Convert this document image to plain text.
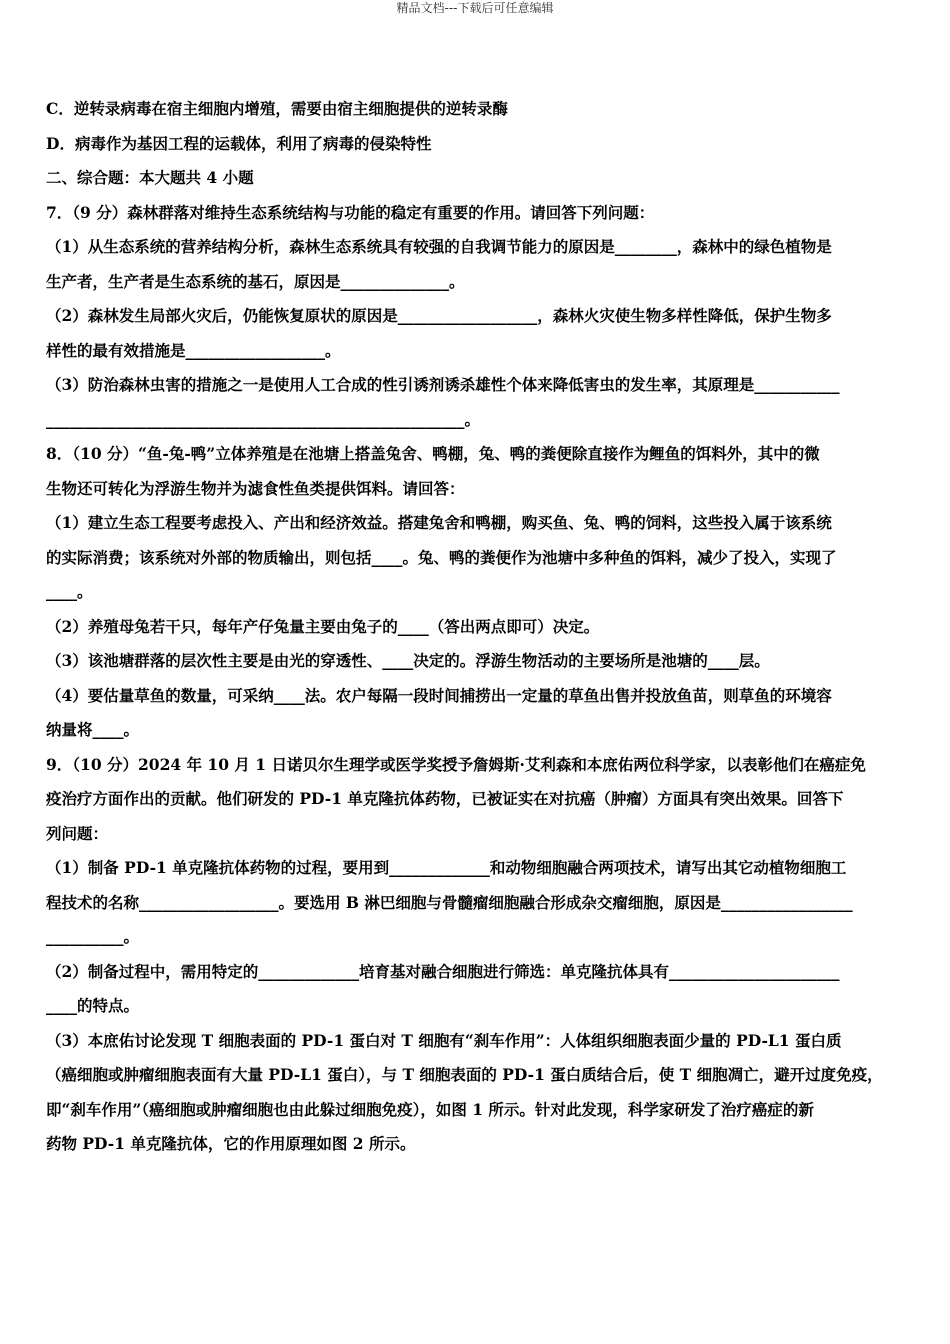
精品文档---下载后可任意编辑
C．逆转录病毒在宿主细胞内增殖，需要由宿主细胞提供的逆转录酶
D．病毒作为基因工程的运载体，利用了病毒的侵染特性
二、综合题：本大题共 4 小题
7．（9 分）森林群落对维持生态系统结构与功能的稳定有重要的作用。请回答下列问题：
（1）从生态系统的营养结构分析，森林生态系统具有较强的自我调节能力的原因是________，森林中的绿色植物是
生产者，生产者是生态系统的基石，原因是______________。
（2）森林发生局部火灾后，仍能恢复原状的原因是__________________，森林火灾使生物多样性降低，保护生物多
样性的最有效措施是__________________。
（3）防治森林虫害的措施之一是使用人工合成的性引诱剂诱杀雄性个体来降低害虫的发生率，其原理是___________
______________________________________________________。
8．（10 分）“鱼-兔-鸭”立体养殖是在池塘上搭盖兔舍、鸭棚，兔、鸭的粪便除直接作为鲤鱼的饵料外，其中的微
生物还可转化为浮游生物并为滤食性鱼类提供饵料。请回答：
（1）建立生态工程要考虑投入、产出和经济效益。搭建兔舍和鸭棚，购买鱼、兔、鸭的饲料，这些投入属于该系统
的实际消费；该系统对外部的物质输出，则包括____。兔、鸭的粪便作为池塘中多种鱼的饵料，减少了投入，实现了
____。
（2）养殖母兔若干只，每年产仔兔量主要由兔子的____（答出两点即可）决定。
（3）该池塘群落的层次性主要是由光的穿透性、____决定的。浮游生物活动的主要场所是池塘的____层。
（4）要估量草鱼的数量，可采纳____法。农户每隔一段时间捕捞出一定量的草鱼出售并投放鱼苗，则草鱼的环境容
纳量将____。
9．（10 分）2024 年 10 月 1 日诺贝尔生理学或医学奖授予詹姆斯·艾利森和本庶佑两位科学家，以表彰他们在癌症免
疫治疗方面作出的贡献。他们研发的 PD-1 单克隆抗体药物，已被证实在对抗癌（肿瘤）方面具有突出效果。回答下
列问题：
（1）制备 PD-1 单克隆抗体药物的过程，要用到_____________和动物细胞融合两项技术，请写出其它动植物细胞工
程技术的名称__________________。要选用 B 淋巴细胞与骨髓瘤细胞融合形成杂交瘤细胞，原因是_________________
__________。
（2）制备过程中，需用特定的_____________培育基对融合细胞进行筛选：单克隆抗体具有______________________
____的特点。
（3）本庶佑讨论发现 T 细胞表面的 PD-1 蛋白对 T 细胞有“刹车作用”：人体组织细胞表面少量的 PD-L1 蛋白质
（癌细胞或肿瘤细胞表面有大量 PD-L1 蛋白），与 T 细胞表面的 PD-1 蛋白质结合后，使 T 细胞凋亡，避开过度免疫，
即“刹车作用”（癌细胞或肿瘤细胞也由此躲过细胞免疫），如图 1 所示。针对此发现，科学家研发了治疗癌症的新
药物 PD-1 单克隆抗体，它的作用原理如图 2 所示。
